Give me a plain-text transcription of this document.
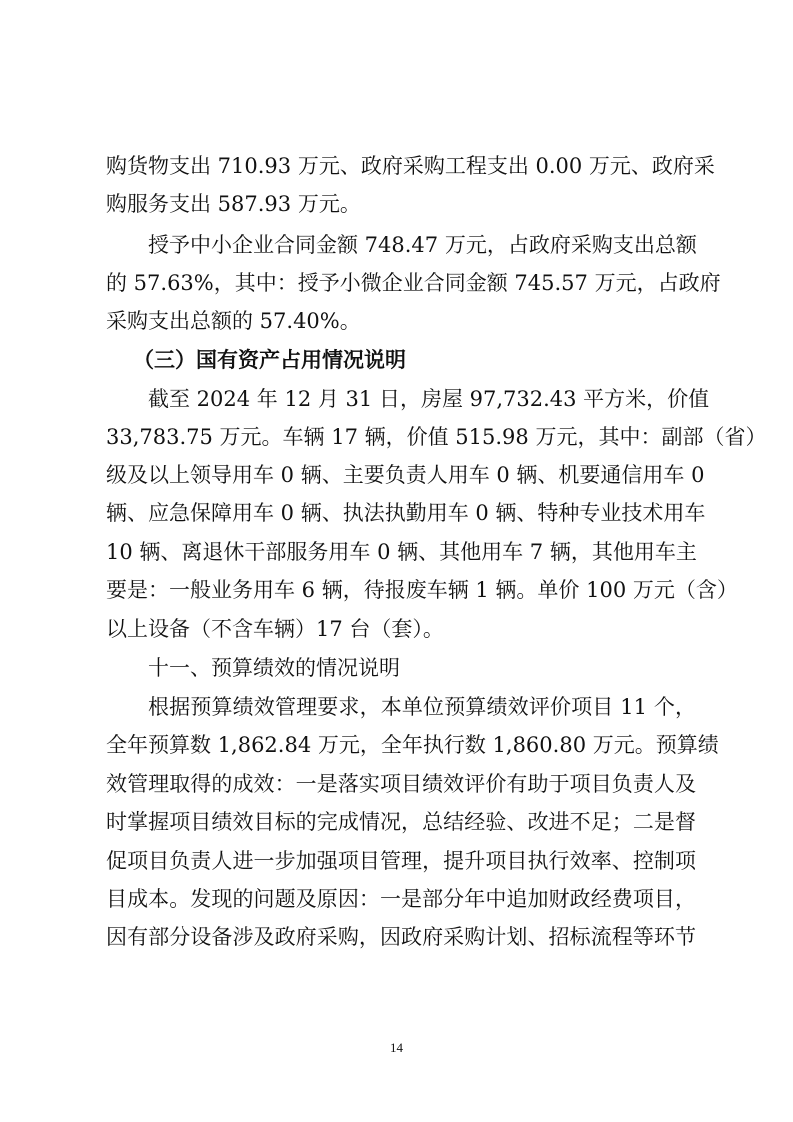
购货物支出 710.93 万元、政府采购工程支出 0.00 万元、政府采
购服务支出 587.93 万元。
授予中小企业合同金额 748.47 万元，占政府采购支出总额
的 57.63%，其中：授予小微企业合同金额 745.57 万元，占政府
采购支出总额的 57.40%。
（三）国有资产占用情况说明
截至 2024 年 12 月 31 日，房屋 97,732.43 平方米，价值
33,783.75 万元。车辆 17 辆，价值 515.98 万元，其中：副部（省）
级及以上领导用车 0 辆、主要负责人用车 0 辆、机要通信用车 0
辆、应急保障用车 0 辆、执法执勤用车 0 辆、特种专业技术用车
10 辆、离退休干部服务用车 0 辆、其他用车 7 辆，其他用车主
要是：一般业务用车 6 辆，待报废车辆 1 辆。单价 100 万元（含）
以上设备（不含车辆）17 台（套）。
十一、预算绩效的情况说明
根据预算绩效管理要求，本单位预算绩效评价项目 11 个，
全年预算数 1,862.84 万元，全年执行数 1,860.80 万元。预算绩
效管理取得的成效：一是落实项目绩效评价有助于项目负责人及
时掌握项目绩效目标的完成情况，总结经验、改进不足；二是督
促项目负责人进一步加强项目管理，提升项目执行效率、控制项
目成本。发现的问题及原因：一是部分年中追加财政经费项目，
因有部分设备涉及政府采购，因政府采购计划、招标流程等环节
14
